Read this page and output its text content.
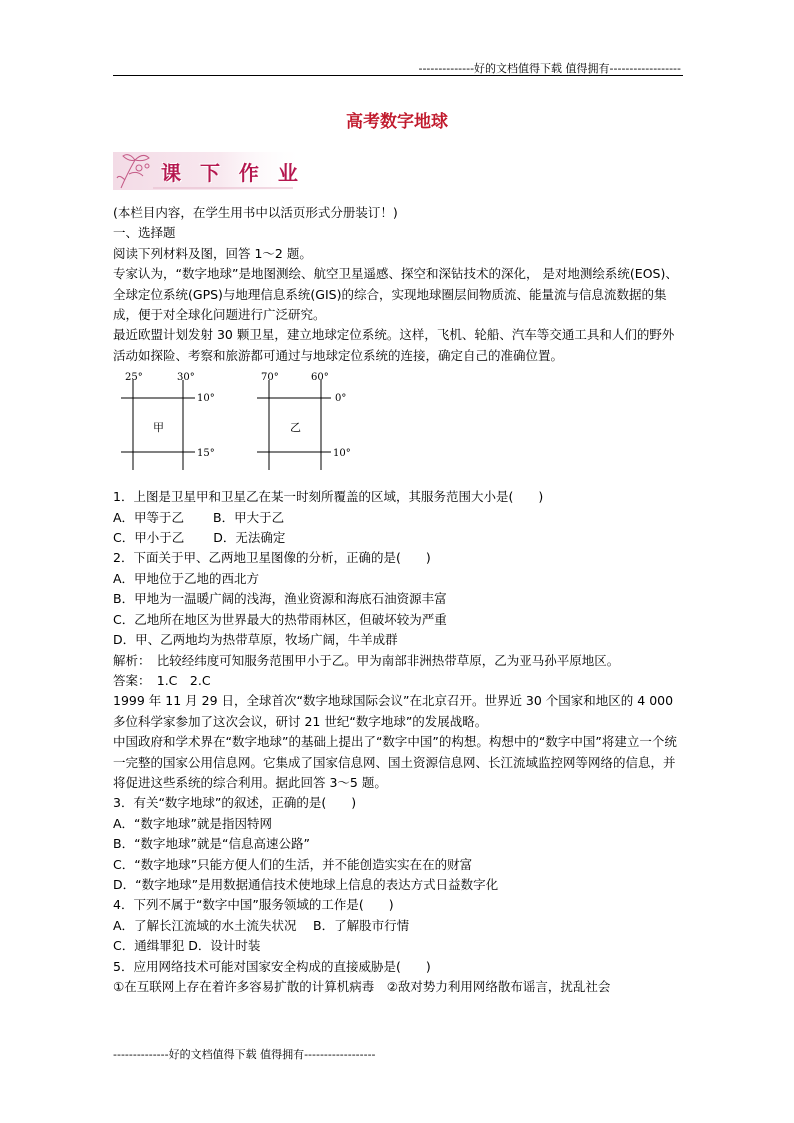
--------------好的文档值得下载 值得拥有------------------
高考数字地球
课 下 作 业

(本栏目内容，在学生用书中以活页形式分册装订！)

一、选择题

阅读下列材料及图，回答 1～2 题。

专家认为，“数字地球”是地图测绘、航空卫星遥感、探空和深钻技术的深化， 是对地测绘系统(EOS)、全球定位系统(GPS)与地理信息系统(GIS)的综合，实现地球圈层间物质流、能量流与信息流数据的集成，便于对全球化问题进行广泛研究。

最近欧盟计划发射 30 颗卫星，建立地球定位系统。这样，飞机、轮船、汽车等交通工具和人们的野外活动如探险、考察和旅游都可通过与地球定位系统的连接，确定自己的准确位置。

25°	30°
10°
15°
甲
70°	60°
0°
10°
乙

1．上图是卫星甲和卫星乙在某一时刻所覆盖的区域，其服务范围大小是(　　)

A．甲等于乙　　 B．甲大于乙

C．甲小于乙　　 D．无法确定

2．下面关于甲、乙两地卫星图像的分析，正确的是(　　)

A．甲地位于乙地的西北方

B．甲地为一温暖广阔的浅海，渔业资源和海底石油资源丰富

C．乙地所在地区为世界最大的热带雨林区，但破坏较为严重

D．甲、乙两地均为热带草原，牧场广阔，牛羊成群

解析：　比较经纬度可知服务范围甲小于乙。甲为南部非洲热带草原，乙为亚马孙平原地区。

答案：　1.C　2.C

1999 年 11 月 29 日，全球首次“数字地球国际会议”在北京召开。世界近 30 个国家和地区的 4 000 多位科学家参加了这次会议，研讨 21 世纪“数字地球”的发展战略。

中国政府和学术界在“数字地球”的基础上提出了“数字中国”的构想。构想中的“数字中国”将建立一个统一完整的国家公用信息网。它集成了国家信息网、国土资源信息网、长江流域监控网等网络的信息，并将促进这些系统的综合利用。据此回答 3～5 题。

3．有关“数字地球”的叙述，正确的是(　　)

A．“数字地球”就是指因特网

B．“数字地球”就是“信息高速公路”

C．“数字地球”只能方便人们的生活，并不能创造实实在在的财富

D．“数字地球”是用数据通信技术使地球上信息的表达方式日益数字化

4．下列不属于“数字中国”服务领域的工作是(　　)

A．了解长江流域的水土流失状况　 B．了解股市行情

C．通缉罪犯 D．设计时装

5．应用网络技术可能对国家安全构成的直接威胁是(　　)

①在互联网上存在着许多容易扩散的计算机病毒　②敌对势力利用网络散布谣言，扰乱社会

--------------好的文档值得下载 值得拥有------------------
